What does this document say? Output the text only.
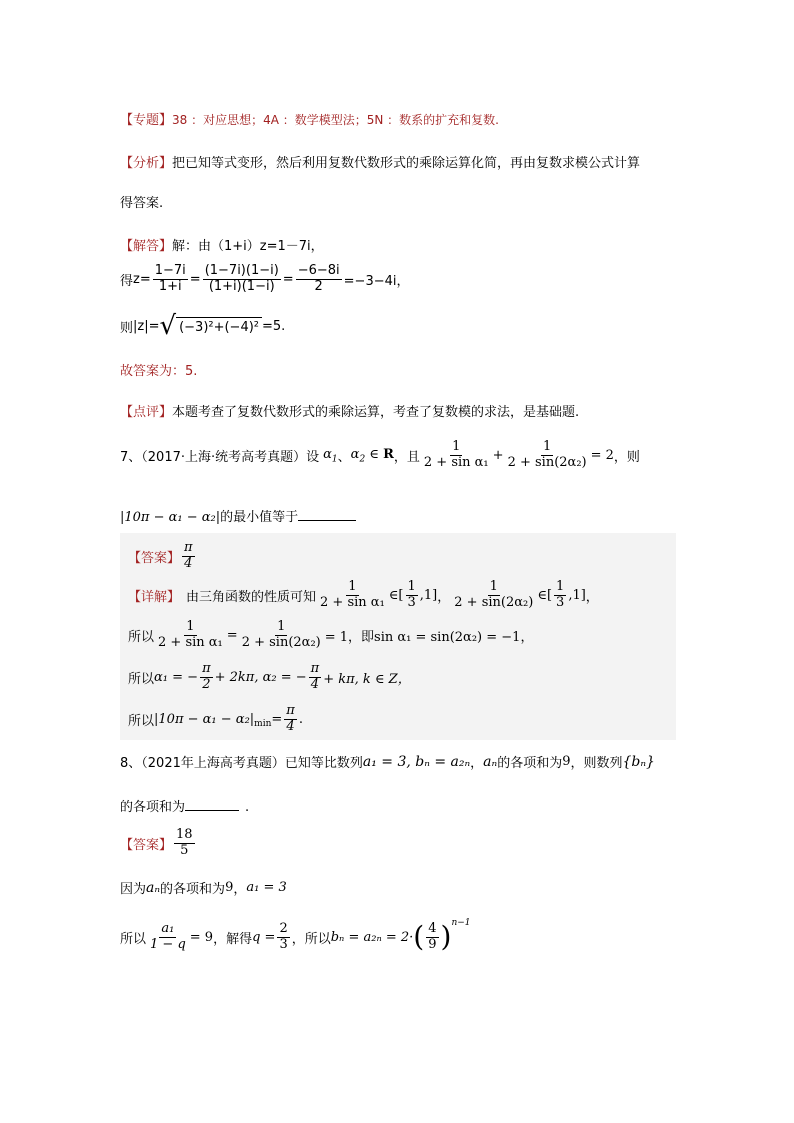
【专题】38 ：对应思想；4A ：数学模型法；5N ：数系的扩充和复数.
【分析】把已知等式变形，然后利用复数代数形式的乘除运算化简，再由复数求模公式计算
得答案.
【解答】解：由（1+i）z=1－7i，
得 $z= \frac{1-7i}{1+i} = \frac{(1-7i)(1-i)}{(1+i)(1-i)} = \frac{-6-8i}{2} =-3-4i$，
则 |z|= √ (−3)²+(−4)² =5.
故答案为：5.
【点评】本题考查了复数代数形式的乘除运算，考查了复数模的求法，是基础题.
7、（2017·上海·统考高考真题）设 $\alpha_1$ 、 $\alpha_2$ ∈ R ，且 $\frac{1}{\text{2 + sin α₁}} + \frac{1}{\text{2 + sin(2α₂)}} = 2$ ，则
|10π − α₁ − α₂|的最小值等于
【答案】 $\frac{\pi}{4}$
【详解】 由三角函数的性质可知 $\frac{1}{\text{2 + sin α₁}}$ ∈[ $\frac{1}{3} ,1$] ， $\frac{1}{\text{2 + sin(2α₂)}}$ ∈[ $\frac{1}{3} ,1$] ，
所以 $\frac{1}{\text{2 + sin α₁}} = \frac{1}{\text{2 + sin(2α₂)}} = 1$，即 sin α₁ = sin(2α₂) = −1，
所以 α₁ = − $\frac{\pi}{2} + 2k\pi$, α₂ = − $\frac{\pi}{4} + k\pi$, k ∈ Z，
所以 $|10\pi - \alpha_1 - \alpha_2|_{min} = \frac{\pi}{4}$ .
8、（2021年上海高考真题）已知等比数列 a₁ = 3, bₙ = a₂ₙ ， aₙ 的各项和为 9 ，则数列 {bₙ}
的各项和为	.
【答案】 $\frac{18}{5}$
因为 aₙ 的各项和为 9 ， a₁ = 3
所以 $\frac{\text{a₁}}{1 - q} = 9$ ，解得 $q = \frac{2}{3}$ ，所以 bₙ = a₂ₙ = 2· ( $\frac{4}{9} )^{n-1}$
